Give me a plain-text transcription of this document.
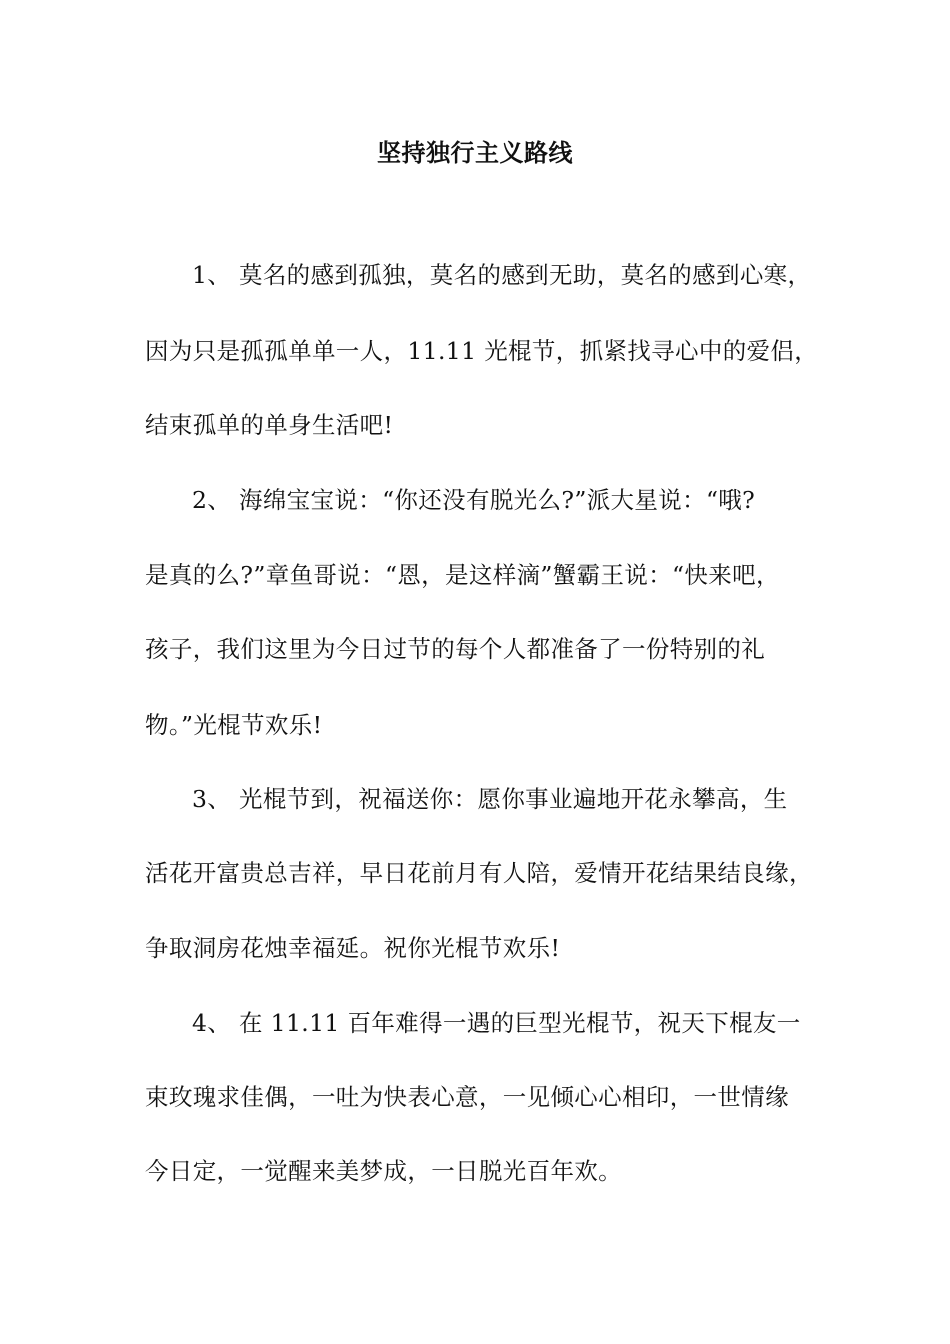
坚持独行主义路线
1、 莫名的感到孤独，莫名的感到无助，莫名的感到心寒，
因为只是孤孤单单一人，11.11 光棍节，抓紧找寻心中的爱侣，
结束孤单的单身生活吧!
2、 海绵宝宝说：“你还没有脱光么?”派大星说：“哦?
是真的么?”章鱼哥说：“恩，是这样滴”蟹霸王说：“快来吧，
孩子，我们这里为今日过节的每个人都准备了一份特别的礼
物。”光棍节欢乐!
3、 光棍节到，祝福送你：愿你事业遍地开花永攀高，生
活花开富贵总吉祥，早日花前月有人陪，爱情开花结果结良缘，
争取洞房花烛幸福延。祝你光棍节欢乐!
4、 在 11.11 百年难得一遇的巨型光棍节，祝天下棍友一
束玫瑰求佳偶，一吐为快表心意，一见倾心心相印，一世情缘
今日定，一觉醒来美梦成，一日脱光百年欢。
